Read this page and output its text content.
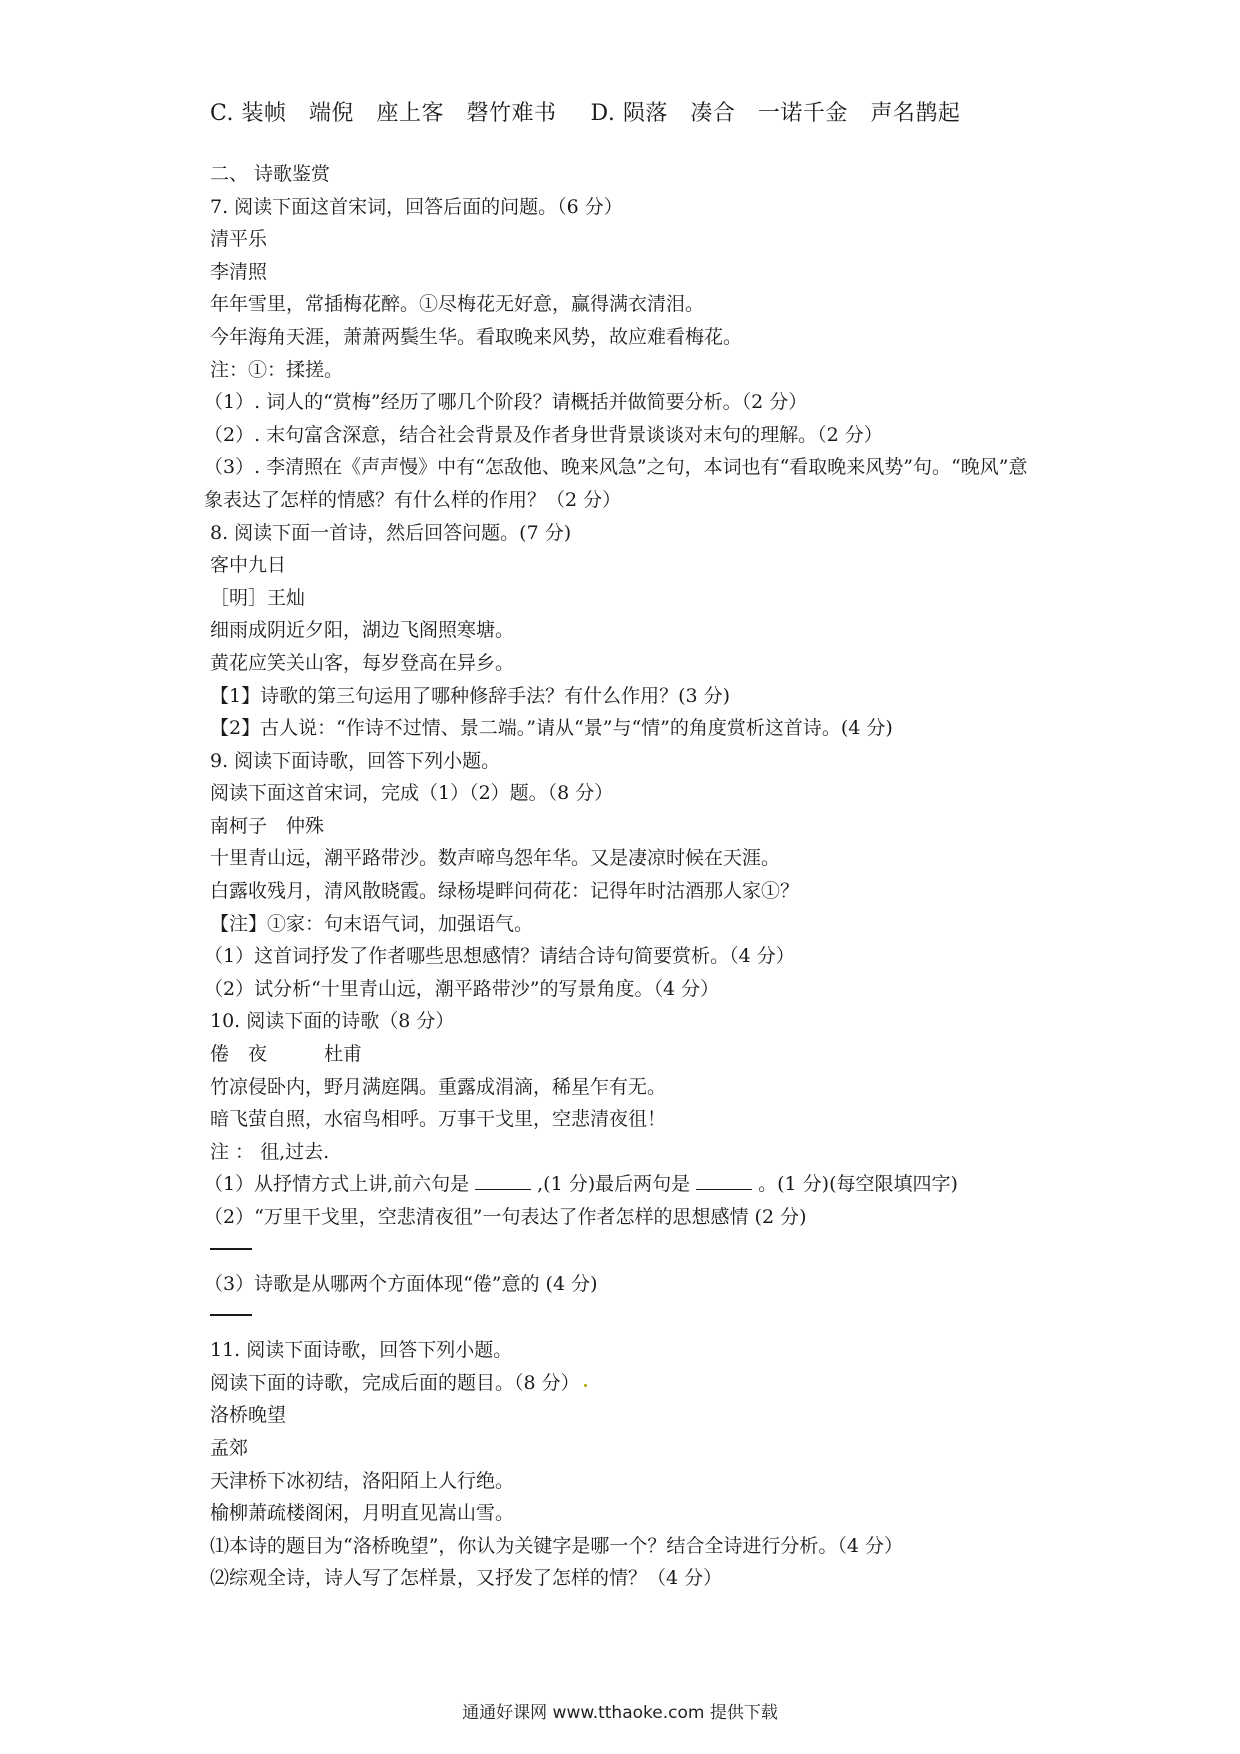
C. 装帧　端倪　座上客　磬竹难书 D. 陨落　凑合　一诺千金　声名鹊起

二、 诗歌鉴赏

7. 阅读下面这首宋词，回答后面的问题。（6 分）

清平乐

李清照

年年雪里，常插梅花醉。①尽梅花无好意，赢得满衣清泪。

今年海角天涯，萧萧两鬓生华。看取晚来风势，故应难看梅花。

注：①：揉搓。

（1）. 词人的“赏梅”经历了哪几个阶段？请概括并做简要分析。（2 分）

（2）. 末句富含深意，结合社会背景及作者身世背景谈谈对末句的理解。（2 分）

（3）. 李清照在《声声慢》中有“怎敌他、晚来风急”之句，本词也有“看取晚来风势”句。“晚风”意象表达了怎样的情感？有什么样的作用？（2 分）

8. 阅读下面一首诗，然后回答问题。(7 分)

客中九日

［明］王灿

细雨成阴近夕阳，湖边飞阁照寒塘。

黄花应笑关山客，每岁登高在异乡。

【1】诗歌的第三句运用了哪种修辞手法？有什么作用？(3 分)

【2】古人说：“作诗不过情、景二端。”请从“景”与“情”的角度赏析这首诗。(4 分)

9. 阅读下面诗歌，回答下列小题。

阅读下面这首宋词，完成（1）（2）题。（8 分）

南柯子　仲殊

十里青山远，潮平路带沙。数声啼鸟怨年华。又是凄凉时候在天涯。

白露收残月，清风散晓霞。绿杨堤畔问荷花：记得年时沽酒那人家①？

【注】①家：句末语气词，加强语气。

（1）这首词抒发了作者哪些思想感情？请结合诗句简要赏析。（4 分）

（2）试分析“十里青山远，潮平路带沙”的写景角度。（4 分）

10. 阅读下面的诗歌（8 分）

倦　夜　　　杜甫

竹凉侵卧内，野月满庭隅。重露成涓滴，稀星乍有无。

暗飞萤自照，水宿鸟相呼。万事干戈里，空悲清夜徂！

注 ： 徂,过去.

（1）从抒情方式上讲,前六句是	,(1 分)最后两句是	。(1 分)(每空限填四字)

（2）“万里干戈里，空悲清夜徂”一句表达了作者怎样的思想感情 (2 分)

（3）诗歌是从哪两个方面体现“倦”意的 (4 分)

11. 阅读下面诗歌，回答下列小题。

阅读下面的诗歌，完成后面的题目。（8 分）

洛桥晚望

孟郊

天津桥下冰初结，洛阳陌上人行绝。

榆柳萧疏楼阁闲，月明直见嵩山雪。

⑴本诗的题目为“洛桥晚望”，你认为关键字是哪一个？结合全诗进行分析。（4 分）

⑵综观全诗，诗人写了怎样景，又抒发了怎样的情？（4 分）

通通好课网 www.tthaoke.com 提供下载
